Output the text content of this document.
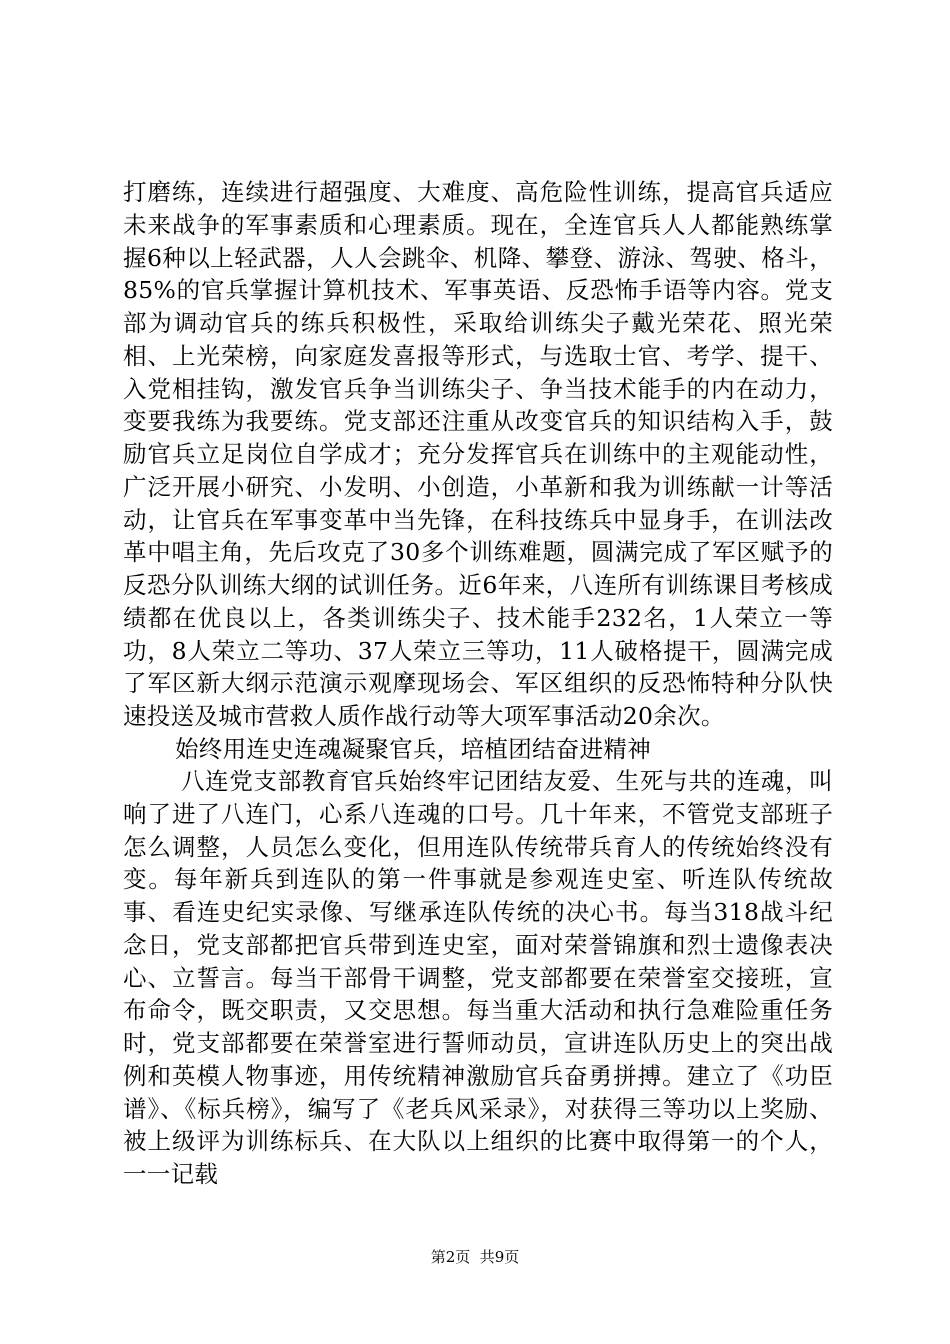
打磨练，连续进行超强度、大难度、高危险性训练，提高官兵适应未来战争的军事素质和心理素质。现在，全连官兵人人都能熟练掌握6种以上轻武器，人人会跳伞、机降、攀登、游泳、驾驶、格斗，85%的官兵掌握计算机技术、军事英语、反恐怖手语等内容。党支部为调动官兵的练兵积极性，采取给训练尖子戴光荣花、照光荣相、上光荣榜，向家庭发喜报等形式，与选取士官、考学、提干、入党相挂钩，激发官兵争当训练尖子、争当技术能手的内在动力，变要我练为我要练。党支部还注重从改变官兵的知识结构入手，鼓励官兵立足岗位自学成才；充分发挥官兵在训练中的主观能动性，广泛开展小研究、小发明、小创造，小革新和我为训练献一计等活动，让官兵在军事变革中当先锋，在科技练兵中显身手，在训法改革中唱主角，先后攻克了30多个训练难题，圆满完成了军区赋予的反恐分队训练大纲的试训任务。近6年来，八连所有训练课目考核成绩都在优良以上，各类训练尖子、技术能手232名，1人荣立一等功，8人荣立二等功、37人荣立三等功，11人破格提干，圆满完成了军区新大纲示范演示观摩现场会、军区组织的反恐怖特种分队快速投送及城市营救人质作战行动等大项军事活动20余次。

始终用连史连魂凝聚官兵，培植团结奋进精神

八连党支部教育官兵始终牢记团结友爱、生死与共的连魂，叫响了进了八连门，心系八连魂的口号。几十年来，不管党支部班子怎么调整，人员怎么变化，但用连队传统带兵育人的传统始终没有变。每年新兵到连队的第一件事就是参观连史室、听连队传统故事、看连史纪实录像、写继承连队传统的决心书。每当318战斗纪念日，党支部都把官兵带到连史室，面对荣誉锦旗和烈士遗像表决心、立誓言。每当干部骨干调整，党支部都要在荣誉室交接班，宣布命令，既交职责，又交思想。每当重大活动和执行急难险重任务时，党支部都要在荣誉室进行誓师动员，宣讲连队历史上的突出战例和英模人物事迹，用传统精神激励官兵奋勇拼搏。建立了《功臣谱》、《标兵榜》，编写了《老兵风采录》，对获得三等功以上奖励、被上级评为训练标兵、在大队以上组织的比赛中取得第一的个人，一一记载

第2页  共9页
